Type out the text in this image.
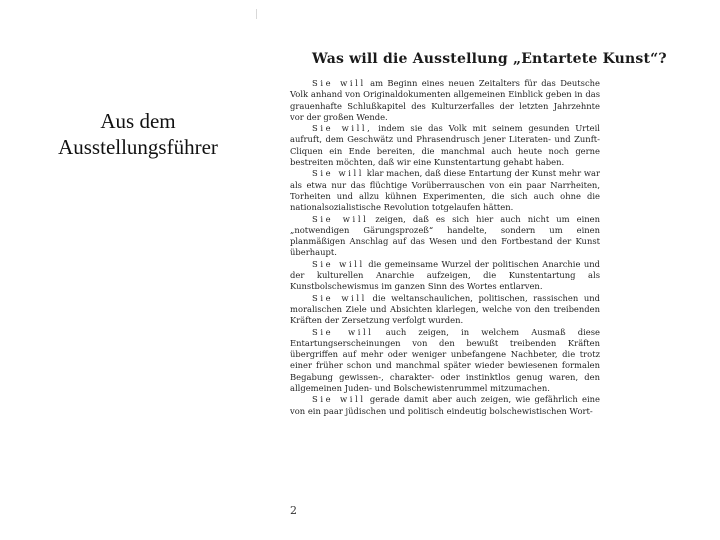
Aus dem
Ausstellungsführer
Was will die Ausstellung „Entartete Kunst“?

Sie will am Beginn eines neuen Zeitalters für das Deutsche Volk anhand von Originaldokumenten allgemeinen Einblick geben in das grauenhafte Schlußkapitel des Kulturzerfalles der letzten Jahrzehnte vor der großen Wende.

Sie will, indem sie das Volk mit seinem gesunden Urteil aufruft, dem Geschwätz und Phrasendrusch jener Literaten- und Zunft-Cliquen ein Ende bereiten, die manchmal auch heute noch gerne bestreiten möchten, daß wir eine Kunstentartung gehabt haben.

Sie will klar machen, daß diese Entartung der Kunst mehr war als etwa nur das flüchtige Vorüberrauschen von ein paar Narrheiten, Torheiten und allzu kühnen Experimenten, die sich auch ohne die nationalsozialistische Revolution totgelaufen hätten.

Sie will zeigen, daß es sich hier auch nicht um einen „notwendigen Gärungsprozeß“ handelte, sondern um einen planmäßigen Anschlag auf das Wesen und den Fortbestand der Kunst überhaupt.

Sie will die gemeinsame Wurzel der politischen Anarchie und der kulturellen Anarchie aufzeigen, die Kunstentartung als Kunstbolschewismus im ganzen Sinn des Wortes entlarven.

Sie will die weltanschaulichen, politischen, rassischen und moralischen Ziele und Absichten klarlegen, welche von den treibenden Kräften der Zersetzung verfolgt wurden.

Sie will auch zeigen, in welchem Ausmaß diese Entartungserscheinungen von den bewußt treibenden Kräften übergriffen auf mehr oder weniger unbefangene Nachbeter, die trotz einer früher schon und manchmal später wieder bewiesenen formalen Begabung gewissen-, charakter- oder instinktlos genug waren, den allgemeinen Juden- und Bolschewistenrummel mitzumachen.

Sie will gerade damit aber auch zeigen, wie gefährlich eine von ein paar jüdischen und politisch eindeutig bolschewistischen Wort-

2
